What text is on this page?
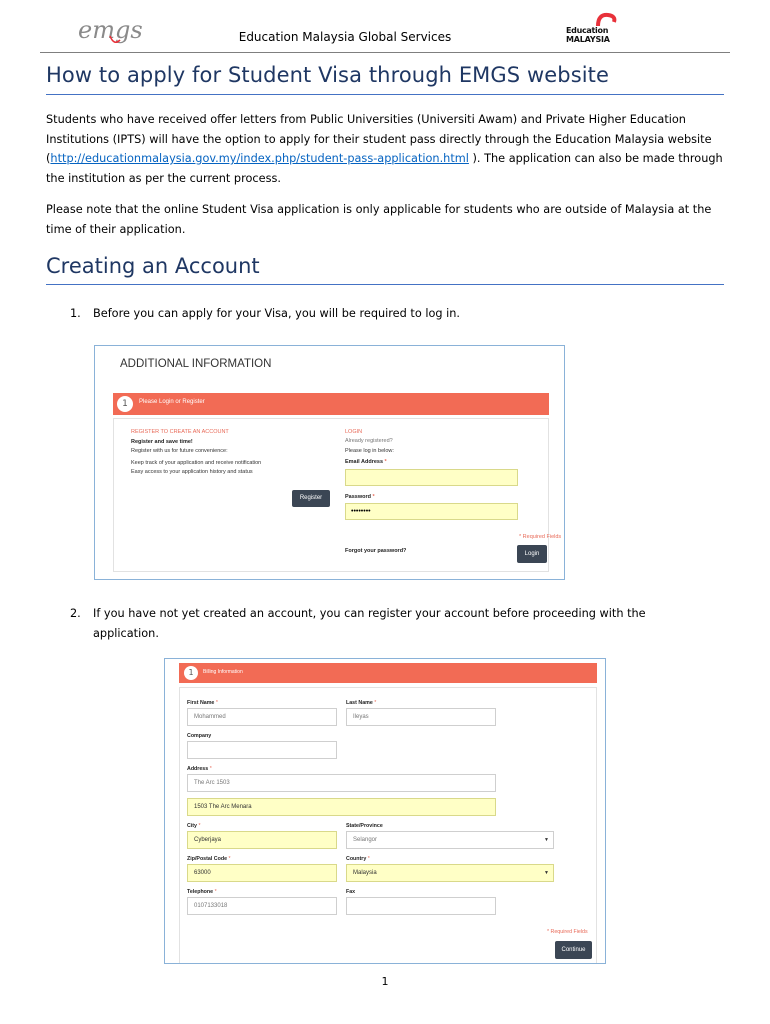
emgs	Education Malaysia Global Services	Education
MALAYSIA
How to apply for Student Visa through EMGS website
Students who have received offer letters from Public Universities (Universiti Awam) and Private Higher Education Institutions (IPTS) will have the option to apply for their student pass directly through the Education Malaysia website (http://educationmalaysia.gov.my/index.php/student-pass-application.html ). The application can also be made through the institution as per the current process.
Please note that the online Student Visa application is only applicable for students who are outside of Malaysia at the time of their application.
Creating an Account
1. Before you can apply for your Visa, you will be required to log in.
ADDITIONAL INFORMATION
1	Please Login or Register
REGISTER TO CREATE AN ACCOUNT
Register and save time!
Register with us for future convenience:
Keep track of your application and receive notification
Easy access to your application history and status
Register
LOGIN
Already registered?
Please log in below:
Email Address *
Password *
••••••••
* Required Fields
Forgot your password?	Login
2. If you have not yet created an account, you can register your account before proceeding with the application.
1	Billing Information
First Name *
Mohammed
Last Name *
Ileyas
Company
Address *
The Arc 1503
1503 The Arc Menara
City *
Cyberjaya
State/Province
Selangor	▼
Zip/Postal Code *
63000
Country *
Malaysia	▼
Telephone *
0107133018
Fax
* Required Fields
Continue
1
